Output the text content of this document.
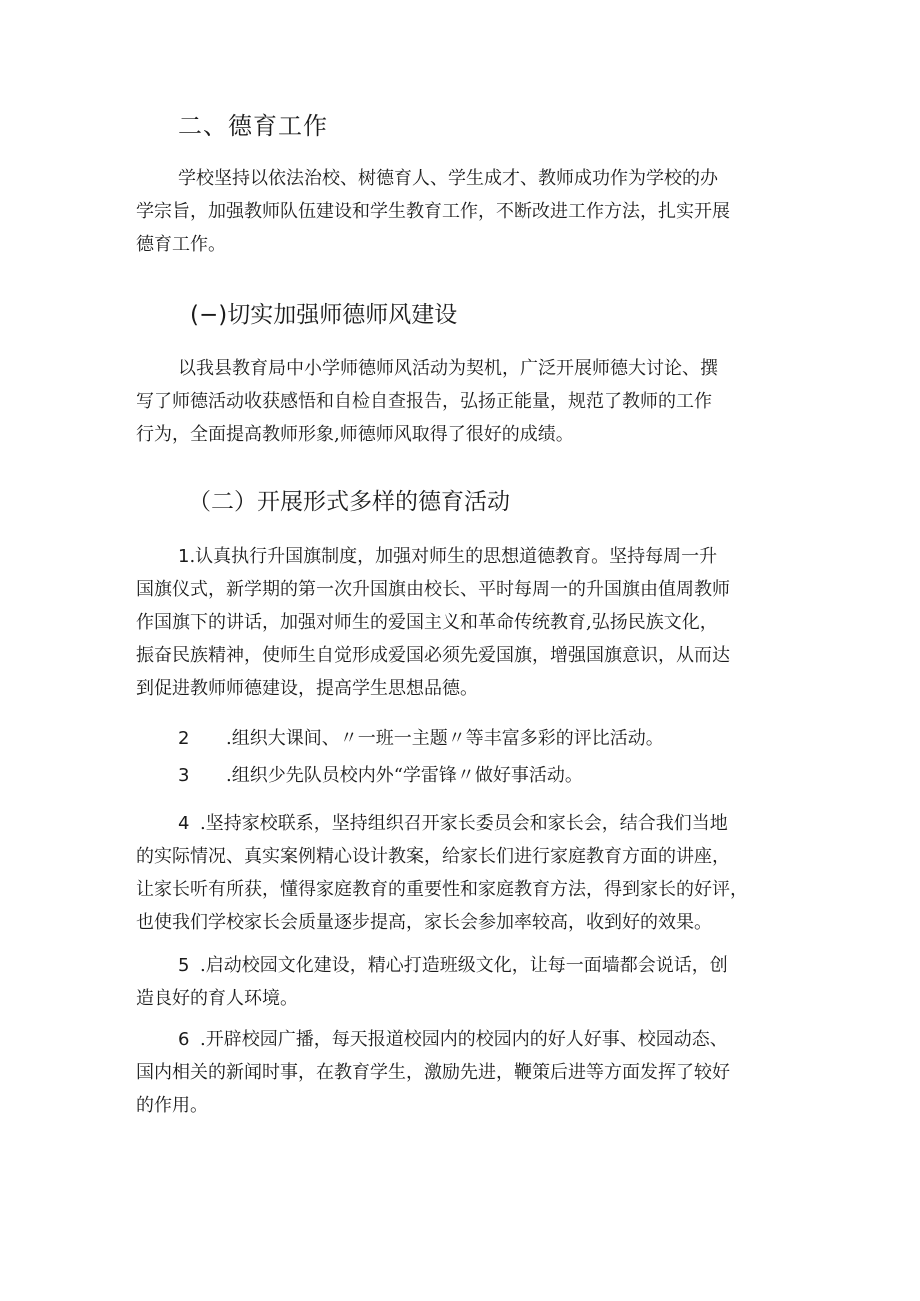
二、德育工作

学校坚持以依法治校、树德育人、学生成才、教师成功作为学校的办
学宗旨，加强教师队伍建设和学生教育工作，不断改进工作方法，扎实开展
德育工作。

(−)切实加强师德师风建设

以我县教育局中小学师德师风活动为契机，广泛开展师德大讨论、撰
写了师德活动收获感悟和自检自查报告，弘扬正能量，规范了教师的工作
行为，全面提高教师形象,师德师风取得了很好的成绩。

（二）开展形式多样的德育活动

1.认真执行升国旗制度，加强对师生的思想道德教育。坚持每周一升
国旗仪式，新学期的第一次升国旗由校长、平时每周一的升国旗由值周教师
作国旗下的讲话，加强对师生的爱国主义和革命传统教育,弘扬民族文化，
振奋民族精神，使师生自觉形成爱国必须先爱国旗，增强国旗意识，从而达
到促进教师师德建设，提高学生思想品德。

2 .组织大课间、〃一班一主题〃等丰富多彩的评比活动。

3 .组织少先队员校内外“学雷锋〃做好事活动。

4 .坚持家校联系，坚持组织召开家长委员会和家长会，结合我们当地
的实际情况、真实案例精心设计教案，给家长们进行家庭教育方面的讲座，
让家长听有所获，懂得家庭教育的重要性和家庭教育方法，得到家长的好评，
也使我们学校家长会质量逐步提高，家长会参加率较高，收到好的效果。

5 .启动校园文化建设，精心打造班级文化，让每一面墙都会说话，创
造良好的育人环境。

6 .开辟校园广播，每天报道校园内的校园内的好人好事、校园动态、
国内相关的新闻时事，在教育学生，激励先进，鞭策后进等方面发挥了较好
的作用。
